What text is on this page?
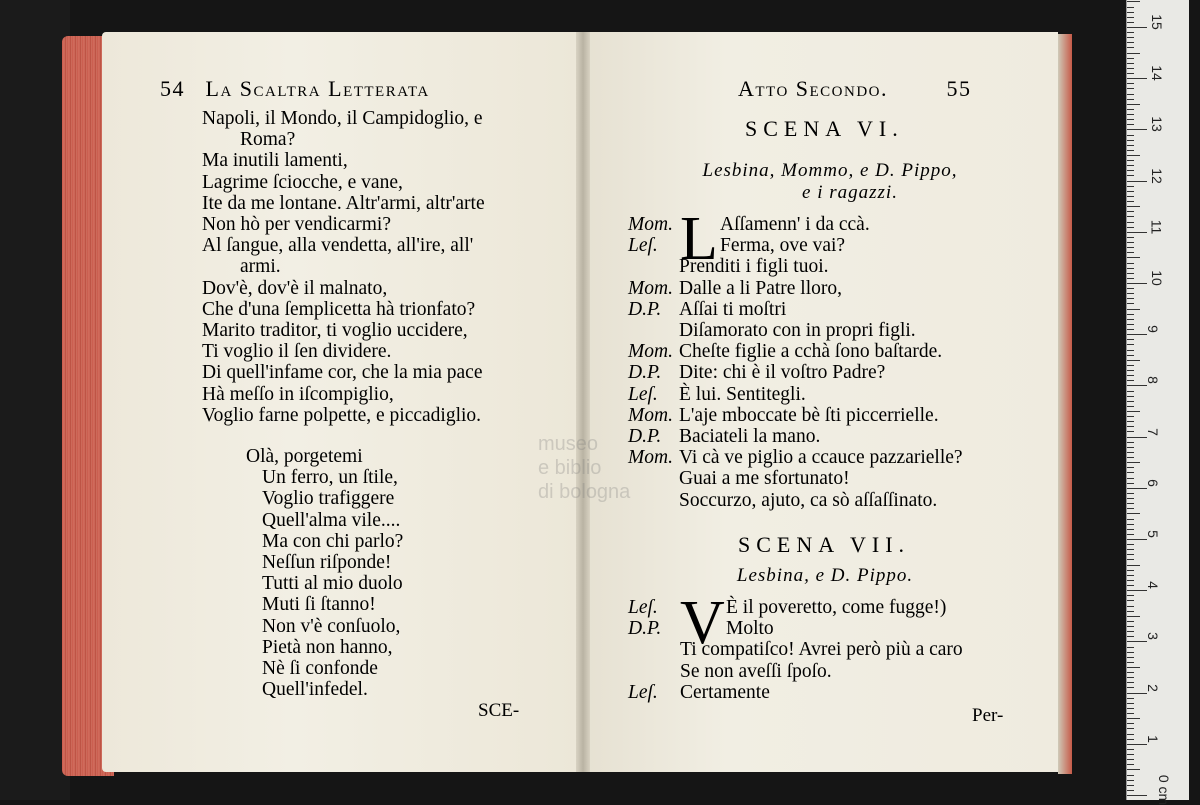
54 La Scaltra Letterata
Napoli, il Mondo, il Campidoglio, e
Roma?
Ma inutili lamenti,
Lagrime ſciocche, e vane,
Ite da me lontane. Altr'armi, altr'arte
Non hò per vendicarmi?
Al ſangue, alla vendetta, all'ire, all'
armi.
Dov'è, dov'è il malnato,
Che d'una ſemplicetta hà trionfato?
Marito traditor, ti voglio uccidere,
Ti voglio il ſen dividere.
Di quell'infame cor, che la mia pace
Hà meſſo in iſcompiglio,
Voglio farne polpette, e piccadiglio.
Olà, porgetemi
Un ferro, un ſtile,
Voglio trafiggere
Quell'alma vile....
Ma con chi parlo?
Neſſun riſponde!
Tutti al mio duolo
Muti ſi ſtanno!
Non v'è conſuolo,
Pietà non hanno,
Nè ſi confonde
Quell'infedel.
SCE-
Atto Secondo.	55
SCENA VI.
Lesbina, Mommo, e D. Pippo,
e i ragazzi.
L
Mom. Aſſamenn' i da ccà.
Leſ.	Ferma, ove vai?
Prenditi i figli tuoi.
Mom. Dalle a li Patre lloro,
D.P. Aſſai ti moſtri
Diſamorato con in propri figli.
Mom. Cheſte figlie a cchà ſono baſtarde.
D.P. Dite: chi è il voſtro Padre?
Leſ. È lui. Sentitegli.
Mom. L'aje mboccate bè ſti piccerrielle.
D.P. Baciateli la mano.
Mom. Vi cà ve piglio a ccauce pazzarielle?
Guai a me sfortunato!
Soccurzo, ajuto, ca sò aſſaſſinato.
SCENA VII.
Lesbina, e D. Pippo.
V
Leſ.	È il poveretto, come fugge!)
D.P.	Molto
Ti compatiſco! Avrei però più a caro
Se non aveſſi ſpoſo.
Leſ. Certamente
Per-
museo
e biblio
di bologna
0 cm
1
2
3
4
5
6
7
8
9
10
11
12
13
14
15
